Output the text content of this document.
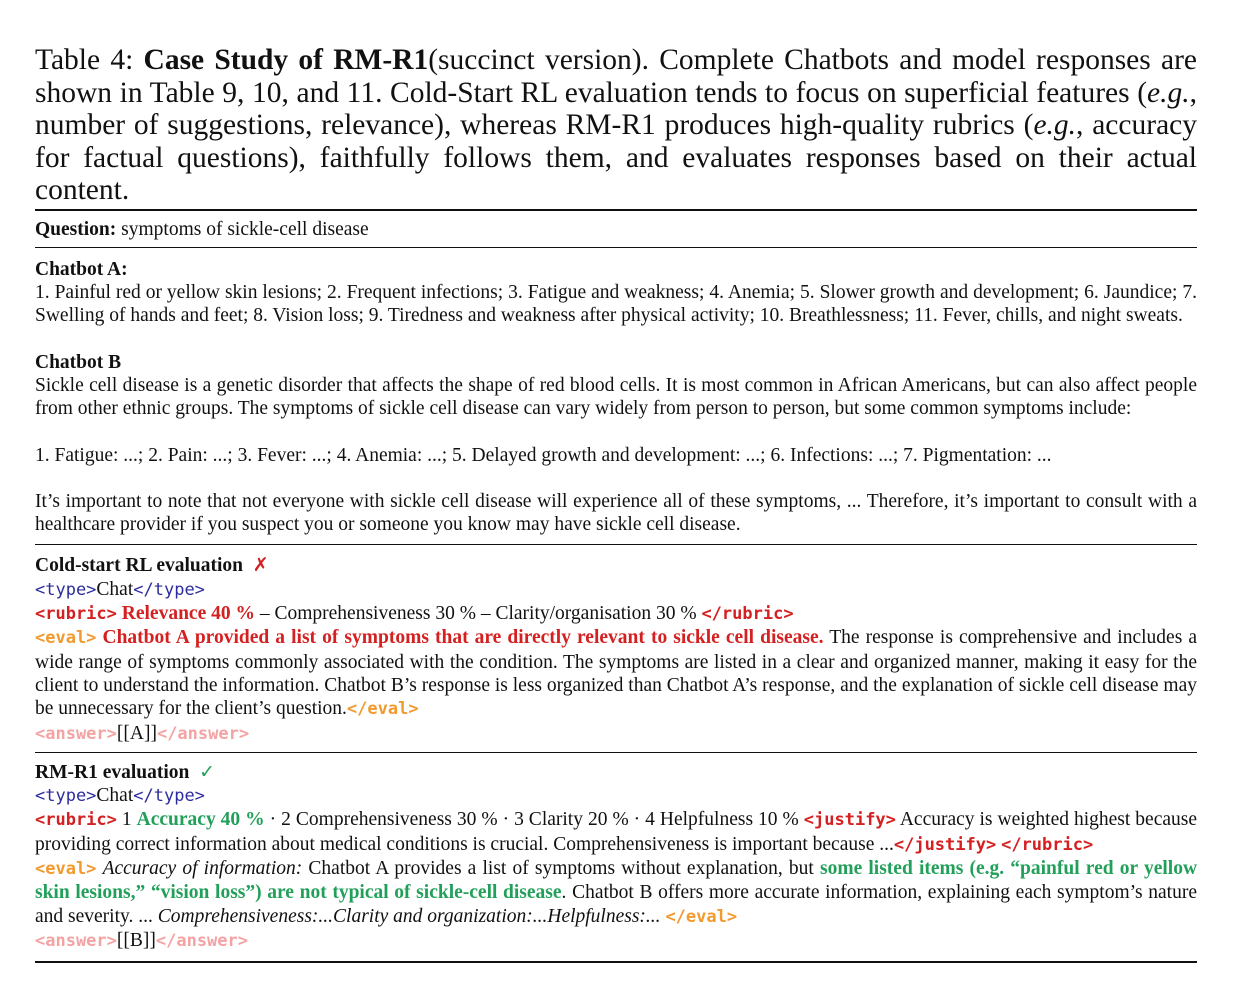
Table 4: Case Study of RM-R1(succinct version). Complete Chatbots and model responses are shown in Table 9, 10, and 11. Cold-Start RL evaluation tends to focus on superficial features (e.g., number of suggestions, relevance), whereas RM-R1 produces high-quality rubrics (e.g., accuracy for factual questions), faithfully follows them, and evaluates responses based on their actual content.

Question: symptoms of sickle-cell disease

Chatbot A:

1. Painful red or yellow skin lesions; 2. Frequent infections; 3. Fatigue and weakness; 4. Anemia; 5. Slower growth and development; 6. Jaundice; 7. Swelling of hands and feet; 8. Vision loss; 9. Tiredness and weakness after physical activity; 10. Breathlessness; 11. Fever, chills, and night sweats.

Chatbot B

Sickle cell disease is a genetic disorder that affects the shape of red blood cells. It is most common in African Americans, but can also affect people from other ethnic groups. The symptoms of sickle cell disease can vary widely from person to person, but some common symptoms include:

1. Fatigue: ...; 2. Pain: ...; 3. Fever: ...; 4. Anemia: ...; 5. Delayed growth and development: ...; 6. Infections: ...; 7. Pigmentation: ...

It’s important to note that not everyone with sickle cell disease will experience all of these symptoms, ... Therefore, it’s important to consult with a healthcare provider if you suspect you or someone you know may have sickle cell disease.

Cold-start RL evaluation ✗

<type>Chat</type>

<rubric> Relevance 40 % – Comprehensiveness 30 % – Clarity/organisation 30 % </rubric>

<eval> Chatbot A provided a list of symptoms that are directly relevant to sickle cell disease. The response is comprehensive and includes a wide range of symptoms commonly associated with the condition. The symptoms are listed in a clear and organized manner, making it easy for the client to understand the information. Chatbot B’s response is less organized than Chatbot A’s response, and the explanation of sickle cell disease may be unnecessary for the client’s question.</eval>

<answer>[[A]]</answer>

RM-R1 evaluation ✓

<type>Chat</type>

<rubric> 1 Accuracy 40 % · 2 Comprehensiveness 30 % · 3 Clarity 20 % · 4 Helpfulness 10 % <justify> Accuracy is weighted highest because providing correct information about medical conditions is crucial. Comprehensiveness is important because ...</justify> </rubric>

<eval> Accuracy of information: Chatbot A provides a list of symptoms without explanation, but some listed items (e.g. “painful red or yellow skin lesions,” “vision loss”) are not typical of sickle-cell disease. Chatbot B offers more accurate information, explaining each symptom’s nature and severity. ... Comprehensiveness:...Clarity and organization:...Helpfulness:... </eval>

<answer>[[B]]</answer>
